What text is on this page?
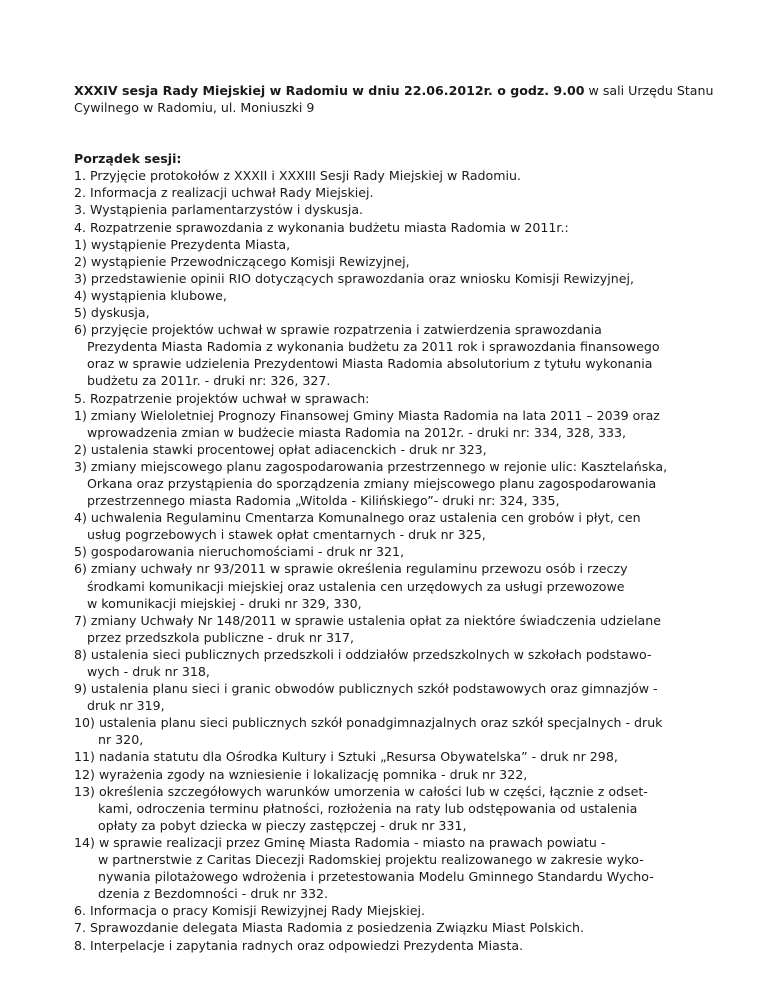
XXXIV sesja Rady Miejskiej w Radomiu w dniu 22.06.2012r. o godz. 9.00 w sali Urzędu Stanu
Cywilnego w Radomiu, ul. Moniuszki 9
Porządek sesji:
1. Przyjęcie protokołów z XXXII i XXXIII Sesji Rady Miejskiej w Radomiu.
2. Informacja z realizacji uchwał Rady Miejskiej.
3. Wystąpienia parlamentarzystów i dyskusja.
4. Rozpatrzenie sprawozdania z wykonania budżetu miasta Radomia w 2011r.:
1) wystąpienie Prezydenta Miasta,
2) wystąpienie Przewodniczącego Komisji Rewizyjnej,
3) przedstawienie opinii RIO dotyczących sprawozdania oraz wniosku Komisji Rewizyjnej,
4) wystąpienia klubowe,
5) dyskusja,
6) przyjęcie projektów uchwał w sprawie rozpatrzenia i zatwierdzenia sprawozdania
Prezydenta Miasta Radomia z wykonania budżetu za 2011 rok i sprawozdania finansowego
oraz w sprawie udzielenia Prezydentowi Miasta Radomia absolutorium z tytułu wykonania
budżetu za 2011r. - druki nr: 326, 327.
5. Rozpatrzenie projektów uchwał w sprawach:
1) zmiany Wieloletniej Prognozy Finansowej Gminy Miasta Radomia na lata 2011 – 2039 oraz
wprowadzenia zmian w budżecie miasta Radomia na 2012r. - druki nr: 334, 328, 333,
2) ustalenia stawki procentowej opłat adiacenckich - druk nr 323,
3) zmiany miejscowego planu zagospodarowania przestrzennego w rejonie ulic: Kasztelańska,
Orkana oraz przystąpienia do sporządzenia zmiany miejscowego planu zagospodarowania
przestrzennego miasta Radomia „Witolda - Kilińskiego”- druki nr: 324, 335,
4) uchwalenia Regulaminu Cmentarza Komunalnego oraz ustalenia cen grobów i płyt, cen
usług pogrzebowych i stawek opłat cmentarnych - druk nr 325,
5) gospodarowania nieruchomościami - druk nr 321,
6) zmiany uchwały nr 93/2011 w sprawie określenia regulaminu przewozu osób i rzeczy
środkami komunikacji miejskiej oraz ustalenia cen urzędowych za usługi przewozowe
w komunikacji miejskiej - druki nr 329, 330,
7) zmiany Uchwały Nr 148/2011 w sprawie ustalenia opłat za niektóre świadczenia udzielane
przez przedszkola publiczne - druk nr 317,
8) ustalenia sieci publicznych przedszkoli i oddziałów przedszkolnych w szkołach podstawo-
wych - druk nr 318,
9) ustalenia planu sieci i granic obwodów publicznych szkół podstawowych oraz gimnazjów -
druk nr 319,
10) ustalenia planu sieci publicznych szkół ponadgimnazjalnych oraz szkół specjalnych - druk
nr 320,
11) nadania statutu dla Ośrodka Kultury i Sztuki „Resursa Obywatelska” - druk nr 298,
12) wyrażenia zgody na wzniesienie i lokalizację pomnika - druk nr 322,
13) określenia szczegółowych warunków umorzenia w całości lub w części, łącznie z odset-
kami, odroczenia terminu płatności, rozłożenia na raty lub odstępowania od ustalenia
opłaty za pobyt dziecka w pieczy zastępczej - druk nr 331,
14) w sprawie realizacji przez Gminę Miasta Radomia - miasto na prawach powiatu -
w partnerstwie z Caritas Diecezji Radomskiej projektu realizowanego w zakresie wyko-
nywania pilotażowego wdrożenia i przetestowania Modelu Gminnego Standardu Wycho-
dzenia z Bezdomności - druk nr 332.
6. Informacja o pracy Komisji Rewizyjnej Rady Miejskiej.
7. Sprawozdanie delegata Miasta Radomia z posiedzenia Związku Miast Polskich.
8. Interpelacje i zapytania radnych oraz odpowiedzi Prezydenta Miasta.
